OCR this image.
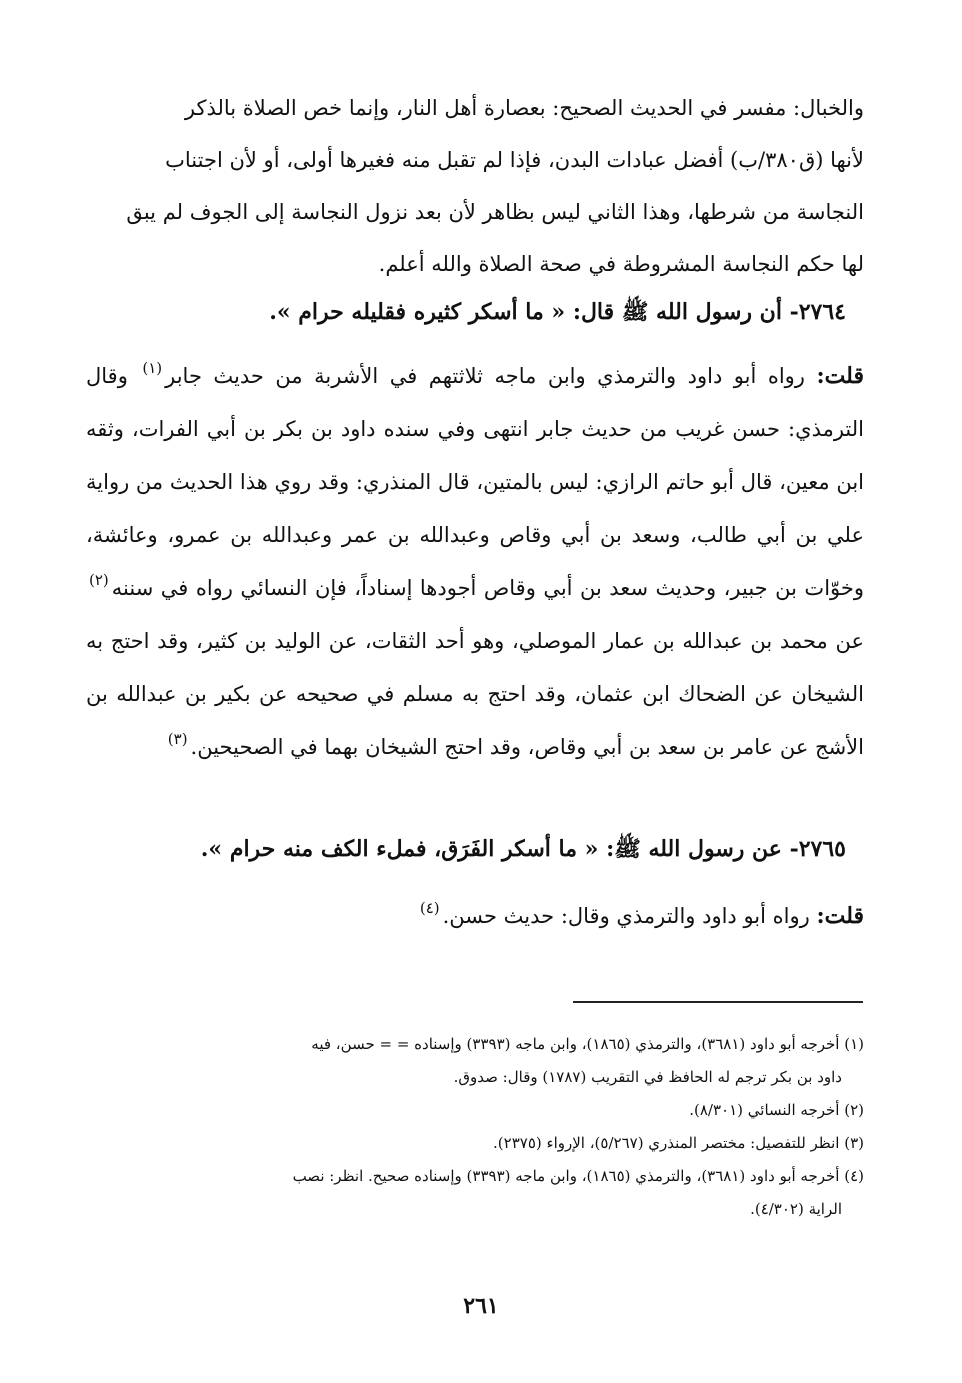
والخبال: مفسر في الحديث الصحيح: بعصارة أهل النار، وإنما خص الصلاة بالذكر

لأنها (ق٣٨٠/ب) أفضل عبادات البدن، فإذا لم تقبل منه فغيرها أولى، أو لأن اجتناب

النجاسة من شرطها، وهذا الثاني ليس بظاهر لأن بعد نزول النجاسة إلى الجوف لم يبق

لها حكم النجاسة المشروطة في صحة الصلاة والله أعلم.

٢٧٦٤- أن رسول الله ﷺ قال: « ما أسكر كثيره فقليله حرام ».
قلت: رواه أبو داود والترمذي وابن ماجه ثلاثتهم في الأشربة من حديث جابر$^{(١)}$ وقال الترمذي: حسن غريب من حديث جابر انتهى وفي سنده داود بن بكر بن أبي الفرات، وثقه ابن معين، قال أبو حاتم الرازي: ليس بالمتين، قال المنذري: وقد روي هذا الحديث من رواية علي بن أبي طالب، وسعد بن أبي وقاص وعبدالله بن عمر وعبدالله بن عمرو، وعائشة، وخوّات بن جبير، وحديث سعد بن أبي وقاص أجودها إسناداً، فإن النسائي رواه في سننه$^{(٢)}$ عن محمد بن عبدالله بن عمار الموصلي، وهو أحد الثقات، عن الوليد بن كثير، وقد احتج به الشيخان عن الضحاك ابن عثمان، وقد احتج به مسلم في صحيحه عن بكير بن عبدالله بن الأشج عن عامر بن سعد بن أبي وقاص، وقد احتج الشيخان بهما في الصحيحين.$^{(٣)}$
٢٧٦٥- عن رسول الله ﷺ: « ما أسكر الفَرَق، فملء الكف منه حرام ».
قلت: رواه أبو داود والترمذي وقال: حديث حسن.$^{(٤)}$

(١) أخرجه أبو داود (٣٦٨١)، والترمذي (١٨٦٥)، وابن ماجه (٣٣٩٣) وإسناده = = حسن، فيه

داود بن بكر ترجم له الحافظ في التقريب (١٧٨٧) وقال: صدوق.

(٢) أخرجه النسائي (٨/٣٠١).

(٣) انظر للتفصيل: مختصر المنذري (٥/٢٦٧)، الإرواء (٢٣٧٥).

(٤) أخرجه أبو داود (٣٦٨١)، والترمذي (١٨٦٥)، وابن ماجه (٣٣٩٣) وإسناده صحيح. انظر: نصب

الراية (٤/٣٠٢).

٢٦١
